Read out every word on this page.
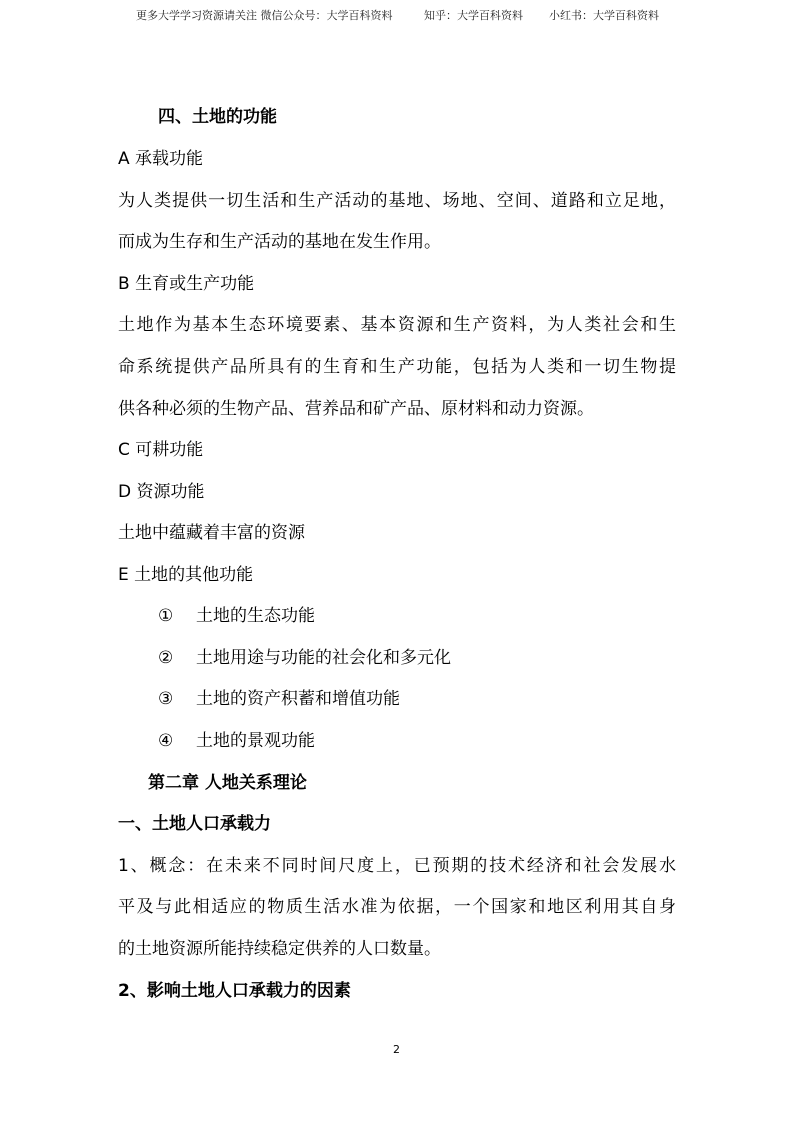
更多大学学习资源请关注 微信公众号：大学百科资料	知乎：大学百科资料 小红书：大学百科资料
四、土地的功能
A 承载功能
为人类提供一切生活和生产活动的基地、场地、空间、道路和立足地，
而成为生存和生产活动的基地在发生作用。
B 生育或生产功能
土地作为基本生态环境要素、基本资源和生产资料，为人类社会和生
命系统提供产品所具有的生育和生产功能，包括为人类和一切生物提
供各种必须的生物产品、营养品和矿产品、原材料和动力资源。
C 可耕功能
D 资源功能
土地中蕴藏着丰富的资源
E 土地的其他功能
① 土地的生态功能
② 土地用途与功能的社会化和多元化
③ 土地的资产积蓄和增值功能
④ 土地的景观功能
第二章 人地关系理论
一、土地人口承载力
1、概念：在未来不同时间尺度上，已预期的技术经济和社会发展水
平及与此相适应的物质生活水准为依据，一个国家和地区利用其自身
的土地资源所能持续稳定供养的人口数量。
2、影响土地人口承载力的因素
2
